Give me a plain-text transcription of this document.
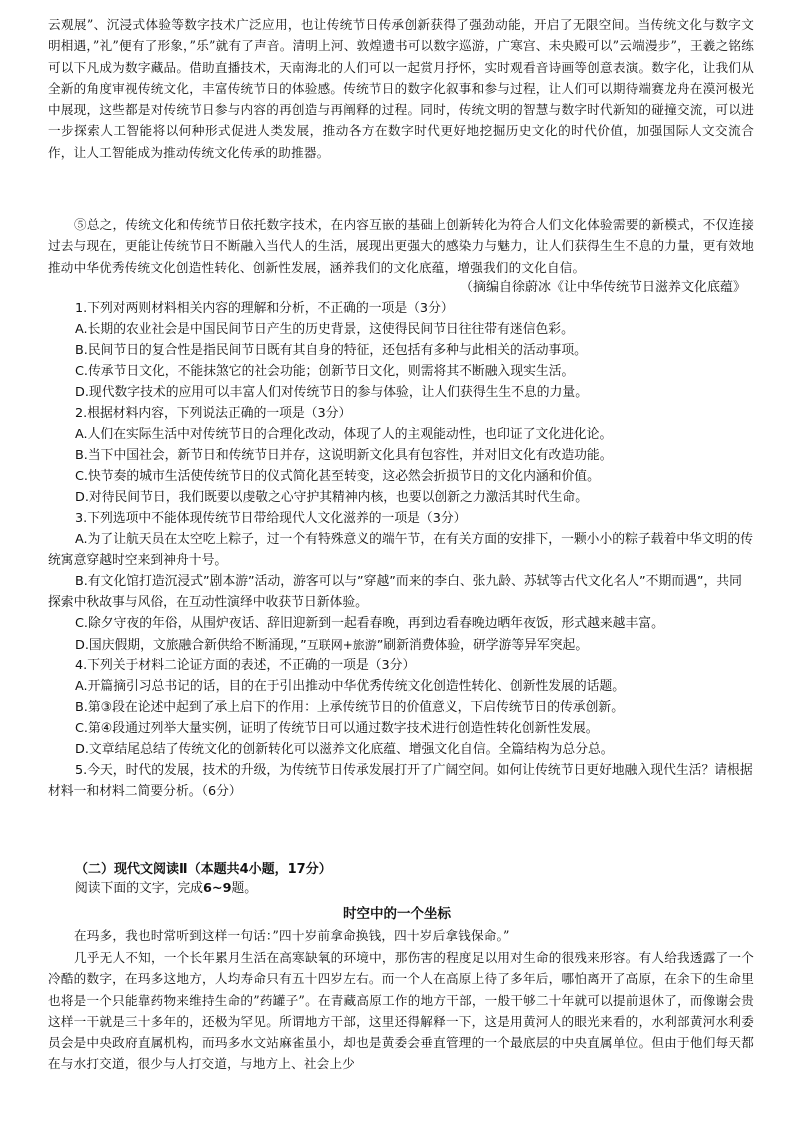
云观展”、沉浸式体验等数字技术广泛应用，也让传统节日传承创新获得了强劲动能，开启了无限空间。当传统文化与数字文明相遇，”礼”便有了形象，”乐”就有了声音。清明上河、敦煌遗书可以数字巡游，广寒宫、未央殿可以”云端漫步”，王羲之铭练可以下凡成为数字藏品。借助直播技术，天南海北的人们可以一起赏月抒怀，实时观看音诗画等创意表演。数字化，让我们从全新的角度审视传统文化，丰富传统节日的体验感。传统节日的数字化叙事和参与过程，让人们可以期待端赛龙舟在漠河极光中展现，这些都是对传统节日参与内容的再创造与再阐释的过程。同时，传统文明的智慧与数字时代新知的碰撞交流，可以进一步探索人工智能将以何种形式促进人类发展，推动各方在数字时代更好地挖掘历史文化的时代价值，加强国际人文交流合作，让人工智能成为推动传统文化传承的助推器。

⑤总之，传统文化和传统节日依托数字技术，在内容互嵌的基础上创新转化为符合人们文化体验需要的新模式，不仅连接过去与现在，更能让传统节日不断融入当代人的生活，展现出更强大的感染力与魅力，让人们获得生生不息的力量，更有效地推动中华优秀传统文化创造性转化、创新性发展，涵养我们的文化底蕴，增强我们的文化自信。

（摘编自徐蔚冰《让中华传统节日滋养文化底蕴》

1.下列对两则材料相关内容的理解和分析，不正确的一项是（3分）

A.长期的农业社会是中国民间节日产生的历史背景，这使得民间节日往往带有迷信色彩。

B.民间节日的复合性是指民间节日既有其自身的特征，还包括有多种与此相关的活动事项。

C.传承节日文化，不能抹煞它的社会功能；创新节日文化，则需将其不断融入现实生活。

D.现代数字技术的应用可以丰富人们对传统节日的参与体验，让人们获得生生不息的力量。

2.根据材料内容，下列说法正确的一项是（3分）

A.人们在实际生活中对传统节日的合理化改动，体现了人的主观能动性，也印证了文化进化论。

B.当下中国社会，新节日和传统节日并存，这说明新文化具有包容性，并对旧文化有改造功能。

C.快节奏的城市生活使传统节日的仪式简化甚至转变，这必然会折损节日的文化内涵和价值。

D.对待民间节日，我们既要以虔敬之心守护其精神内核，也要以创新之力激活其时代生命。

3.下列选项中不能体现传统节日带给现代人文化滋养的一项是（3分）

A.为了让航天员在太空吃上粽子，过一个有特殊意义的端午节，在有关方面的安排下，一颗小小的粽子载着中华文明的传统寓意穿越时空来到神舟十号。

B.有文化馆打造沉浸式”剧本游”活动，游客可以与”穿越”而来的李白、张九龄、苏轼等古代文化名人”不期而遇”，共同探索中秋故事与风俗，在互动性演绎中收获节日新体验。

C.除夕守夜的年俗，从围炉夜话、辞旧迎新到一起看春晚，再到边看春晚边晒年夜饭，形式越来越丰富。

D.国庆假期，文旅融合新供给不断涌现，”互联网+旅游”刷新消费体验，研学游等异军突起。

4.下列关于材料二论证方面的表述，不正确的一项是（3分）

A.开篇摘引习总书记的话，目的在于引出推动中华优秀传统文化创造性转化、创新性发展的话题。

B.第③段在论述中起到了承上启下的作用：上承传统节日的价值意义，下启传统节日的传承创新。

C.第④段通过列举大量实例，证明了传统节日可以通过数字技术进行创造性转化创新性发展。

D.文章结尾总结了传统文化的创新转化可以滋养文化底蕴、增强文化自信。全篇结构为总分总。

5.今天，时代的发展，技术的升级，为传统节日传承发展打开了广阔空间。如何让传统节日更好地融入现代生活？请根据材料一和材料二简要分析。（6分）

（二）现代文阅读Ⅱ（本题共4小题，17分）
阅读下面的文字，完成6~9题。
时空中的一个坐标

在玛多，我也时常听到这样一句话：”四十岁前拿命换钱，四十岁后拿钱保命。”

几乎无人不知，一个长年累月生活在高寒缺氧的环境中，那伤害的程度足以用对生命的很残来形容。有人给我透露了一个冷酷的数字，在玛多这地方，人均寿命只有五十四岁左右。而一个人在高原上待了多年后，哪怕离开了高原，在余下的生命里也将是一个只能靠药物来维持生命的”药罐子”。在青藏高原工作的地方干部，一般干够二十年就可以提前退休了，而像谢会贵这样一干就是三十多年的，还极为罕见。所谓地方干部，这里还得解释一下，这是用黄河人的眼光来看的，水利部黄河水利委员会是中央政府直属机构，而玛多水文站麻雀虽小，却也是黄委会垂直管理的一个最底层的中央直属单位。但由于他们每天都在与水打交道，很少与人打交道，与地方上、社会上少
